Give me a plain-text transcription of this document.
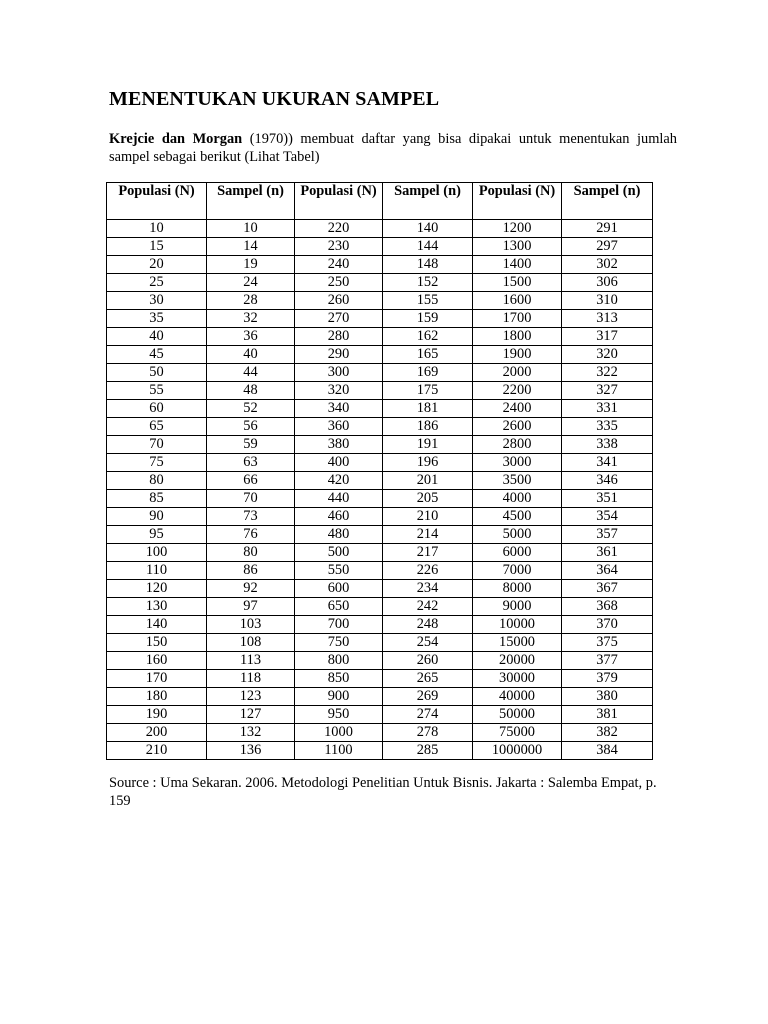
MENENTUKAN UKURAN SAMPEL

Krejcie dan Morgan (1970)) membuat daftar yang bisa dipakai untuk menentukan jumlah sampel sebagai berikut (Lihat Tabel)

Populasi (N)	Sampel (n)	Populasi (N)	Sampel (n)	Populasi (N)	Sampel (n)
10	10	220	140	1200	291
15	14	230	144	1300	297
20	19	240	148	1400	302
25	24	250	152	1500	306
30	28	260	155	1600	310
35	32	270	159	1700	313
40	36	280	162	1800	317
45	40	290	165	1900	320
50	44	300	169	2000	322
55	48	320	175	2200	327
60	52	340	181	2400	331
65	56	360	186	2600	335
70	59	380	191	2800	338
75	63	400	196	3000	341
80	66	420	201	3500	346
85	70	440	205	4000	351
90	73	460	210	4500	354
95	76	480	214	5000	357
100	80	500	217	6000	361
110	86	550	226	7000	364
120	92	600	234	8000	367
130	97	650	242	9000	368
140	103	700	248	10000	370
150	108	750	254	15000	375
160	113	800	260	20000	377
170	118	850	265	30000	379
180	123	900	269	40000	380
190	127	950	274	50000	381
200	132	1000	278	75000	382
210	136	1100	285	1000000	384

Source : Uma Sekaran. 2006. Metodologi Penelitian Untuk Bisnis. Jakarta : Salemba Empat, p. 159
